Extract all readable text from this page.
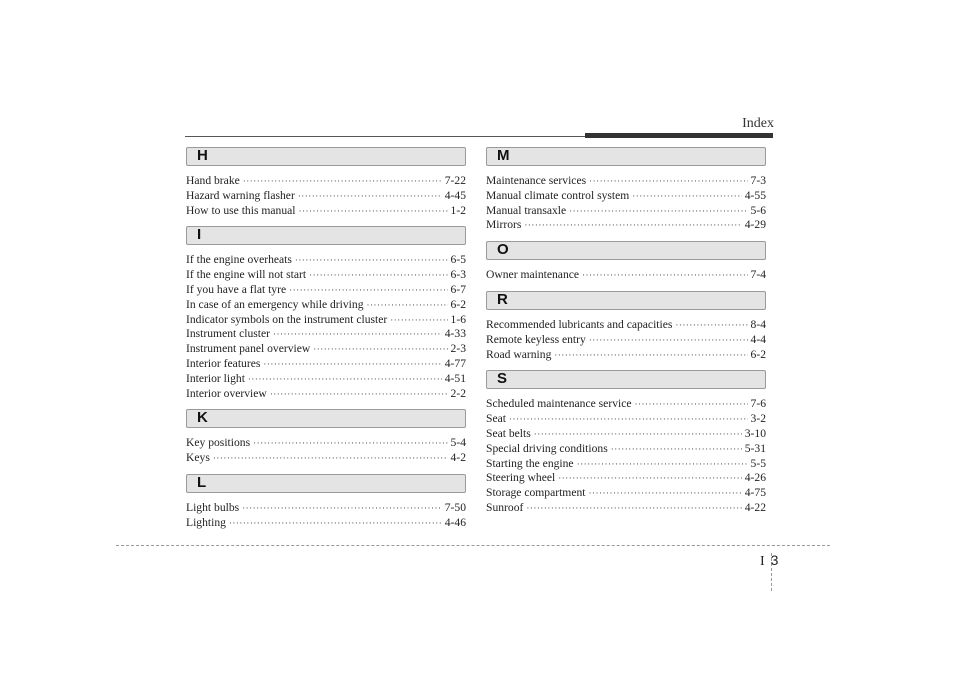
Index
H
Hand brake ·····	7-22
Hazard warning flasher ·····	4-45
How to use this manual ·····	1-2
I
If the engine overheats ·····	6-5
If the engine will not start ·····	6-3
If you have a flat tyre ·····	6-7
In case of an emergency while driving ·····	6-2
Indicator symbols on the instrument cluster ·····	1-6
Instrument cluster ·····	4-33
Instrument panel overview ·····	2-3
Interior features ·····	4-77
Interior light ·····	4-51
Interior overview ·····	2-2
K
Key positions ·····	5-4
Keys ·····	4-2
L
Light bulbs ·····	7-50
Lighting ·····	4-46
M
Maintenance services ·····	7-3
Manual climate control system ·····	4-55
Manual transaxle ·····	5-6
Mirrors ·····	4-29
O
Owner maintenance ·····	7-4
R
Recommended lubricants and capacities ·····	8-4
Remote keyless entry ·····	4-4
Road warning ·····	6-2
S
Scheduled maintenance service ·····	7-6
Seat ·····	3-2
Seat belts ·····	3-10
Special driving conditions ·····	5-31
Starting the engine ·····	5-5
Steering wheel ·····	4-26
Storage compartment ·····	4-75
Sunroof ·····	4-22
I 3
